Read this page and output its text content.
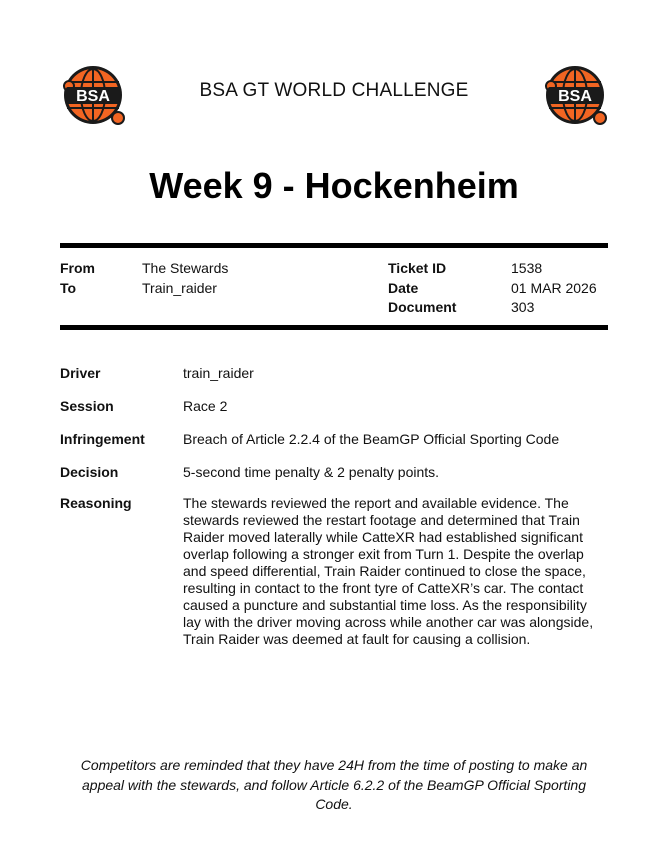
BSA	BSA
BSA GT WORLD CHALLENGE
Week 9 - Hockenheim
From	The Stewards
To	Train_raider
Ticket ID	1538
Date	01 MAR 2026
Document	303
Driver	train_raider
Session	Race 2
Infringement	Breach of Article 2.2.4 of the BeamGP Official Sporting Code
Decision	5-second time penalty & 2 penalty points.
Reasoning	The stewards reviewed the report and available evidence. The stewards reviewed the restart footage and determined that Train Raider moved laterally while CatteXR had established significant overlap following a stronger exit from Turn 1. Despite the overlap and speed differential, Train Raider continued to close the space, resulting in contact to the front tyre of CatteXR’s car. The contact caused a puncture and substantial time loss. As the responsibility lay with the driver moving across while another car was alongside, Train Raider was deemed at fault for causing a collision.
Competitors are reminded that they have 24H from the time of posting to make an appeal with the stewards, and follow Article 6.2.2 of the BeamGP Official Sporting Code.
